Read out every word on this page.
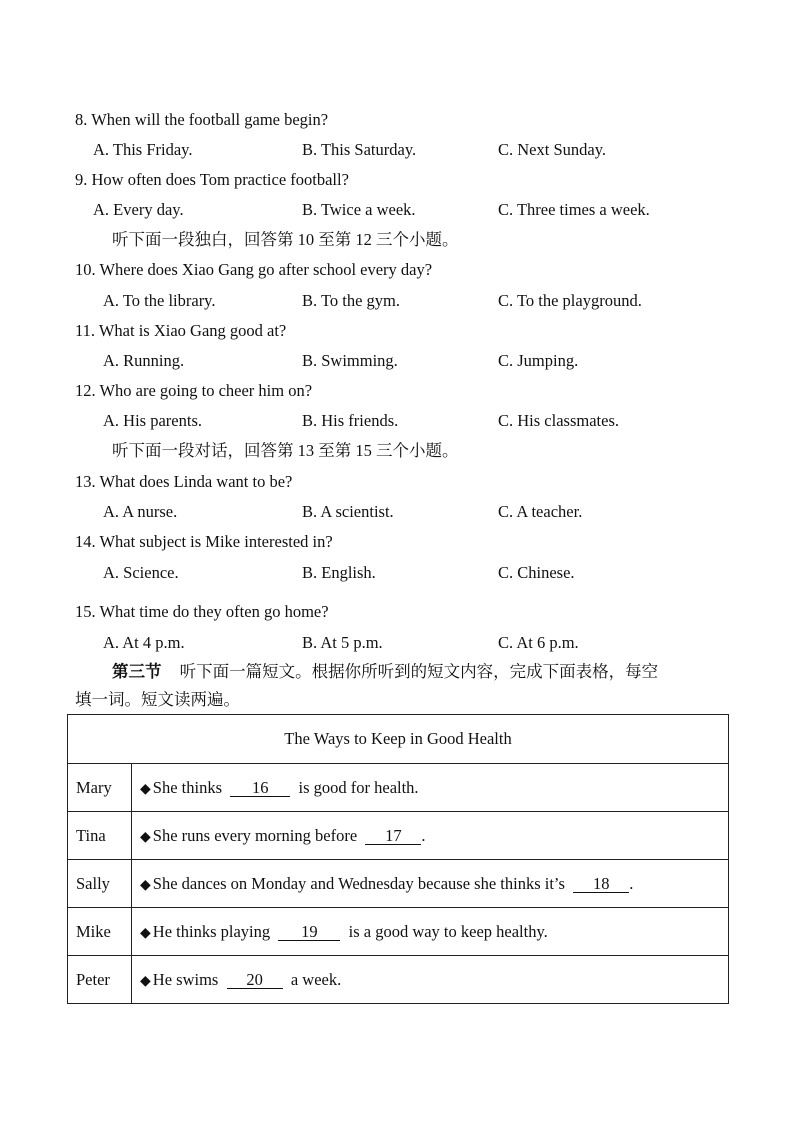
8. When will the football game begin?
A. This Friday.	B. This Saturday.	C. Next Sunday.
9. How often does Tom practice football?
A. Every day.	B. Twice a week.	C. Three times a week.
听下面一段独白，回答第 10 至第 12 三个小题。
10. Where does Xiao Gang go after school every day?
A. To the library.	B. To the gym.	C. To the playground.
11. What is Xiao Gang good at?
A. Running.	B. Swimming.	C. Jumping.
12. Who are going to cheer him on?
A. His parents.	B. His friends.	C. His classmates.
听下面一段对话，回答第 13 至第 15 三个小题。
13. What does Linda want to be?
A. A nurse.	B. A scientist.	C. A teacher.
14. What subject is Mike interested in?
A. Science.	B. English.	C. Chinese.
15. What time do they often go home?
A. At 4 p.m.	B. At 5 p.m.	C. At 6 p.m.
第三节 听下面一篇短文。根据你所听到的短文内容，完成下面表格，每空
填一词。短文读两遍。
The Ways to Keep in Good Health	
Mary	◆ She thinks 16 is good for health.
Tina	◆ She runs every morning before 17 .
Sally	◆ She dances on Monday and Wednesday because she thinks it’s 18 .
Mike	◆ He thinks playing 19 is a good way to keep healthy.
Peter	◆ He swims 20 a week.
